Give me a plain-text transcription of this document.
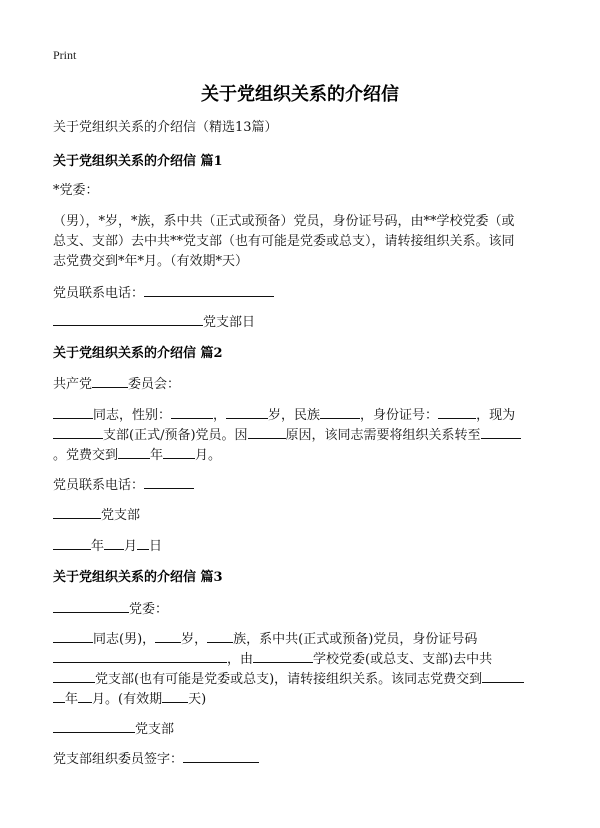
Print
关于党组织关系的介绍信
关于党组织关系的介绍信（精选13篇）
关于党组织关系的介绍信 篇1
*党委：
（男），*岁，*族，系中共（正式或预备）党员，身份证号码，由**学校党委（或
总支、支部）去中共**党支部（也有可能是党委或总支），请转接组织关系。该同
志党费交到*年*月。（有效期*天）
党员联系电话：
党支部日
关于党组织关系的介绍信 篇2
共产党	委员会：
同志，性别：	，	岁，民族	，身份证号：	，现为
支部(正式/预备)党员。因	原因，该同志需要将组织关系转至
。党费交到 年 月。
党员联系电话：
党支部
年 月 日
关于党组织关系的介绍信 篇3
党委：
同志(男)， 岁， 族，系中共(正式或预备)党员，身份证号码
，由	学校党委(或总支、支部)去中共
党支部(也有可能是党委或总支)，请转接组织关系。该同志党费交到
年 月。(有效期 天)
党支部
党支部组织委员签字：
